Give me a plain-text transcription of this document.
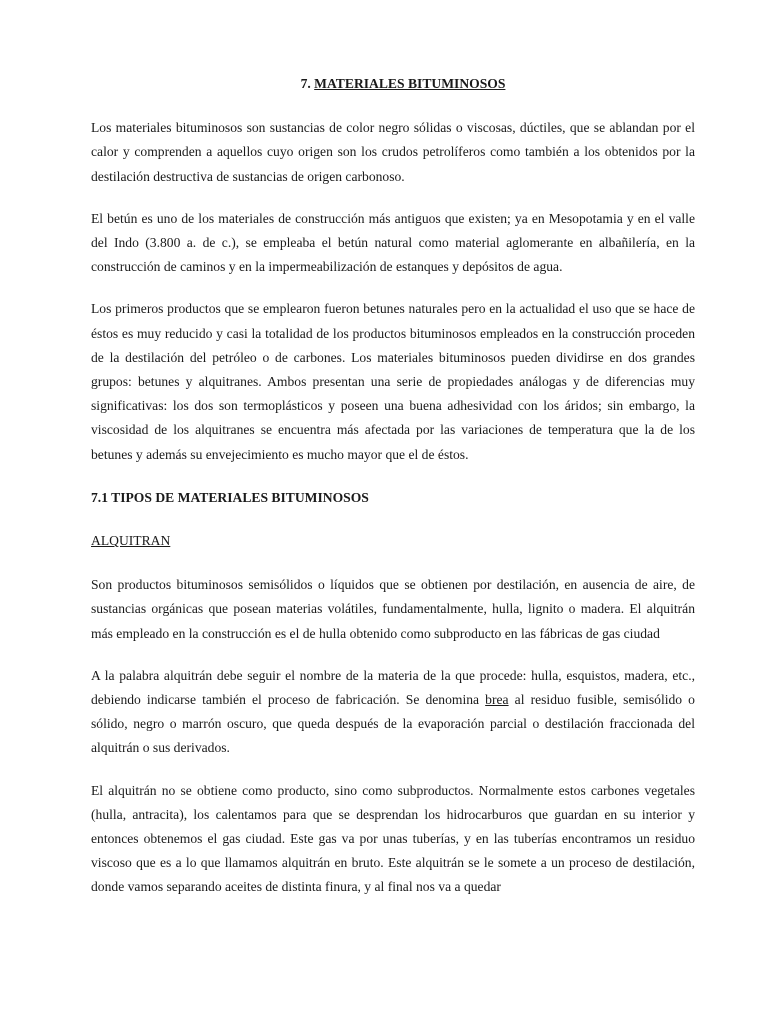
7. MATERIALES BITUMINOSOS

Los materiales bituminosos son sustancias de color negro sólidas o viscosas, dúctiles, que se ablandan por el calor y comprenden a aquellos cuyo origen son los crudos petrolíferos como también a los obtenidos por la destilación destructiva de sustancias de origen carbonoso.

El betún es uno de los materiales de construcción más antiguos que existen; ya en Mesopotamia y en el valle del Indo (3.800 a. de c.), se empleaba el betún natural como material aglomerante en albañilería, en la construcción de caminos y en la impermeabilización de estanques y depósitos de agua.

Los primeros productos que se emplearon fueron betunes naturales pero en la actualidad el uso que se hace de éstos es muy reducido y casi la totalidad de los productos bituminosos empleados en la construcción proceden de la destilación del petróleo o de carbones. Los materiales bituminosos pueden dividirse en dos grandes grupos: betunes y alquitranes. Ambos presentan una serie de propiedades análogas y de diferencias muy significativas: los dos son termoplásticos y poseen una buena adhesividad con los áridos; sin embargo, la viscosidad de los alquitranes se encuentra más afectada por las variaciones de temperatura que la de los betunes y además su envejecimiento es mucho mayor que el de éstos.

7.1 TIPOS DE MATERIALES BITUMINOSOS
ALQUITRAN

Son productos bituminosos semisólidos o líquidos que se obtienen por destilación, en ausencia de aire, de sustancias orgánicas que posean materias volátiles, fundamentalmente, hulla, lignito o madera. El alquitrán más empleado en la construcción es el de hulla obtenido como subproducto en las fábricas de gas ciudad

A la palabra alquitrán debe seguir el nombre de la materia de la que procede: hulla, esquistos, madera, etc., debiendo indicarse también el proceso de fabricación. Se denomina brea al residuo fusible, semisólido o sólido, negro o marrón oscuro, que queda después de la evaporación parcial o destilación fraccionada del alquitrán o sus derivados.

El alquitrán no se obtiene como producto, sino como subproductos. Normalmente estos carbones vegetales (hulla, antracita), los calentamos para que se desprendan los hidrocarburos que guardan en su interior y entonces obtenemos el gas ciudad. Este gas va por unas tuberías, y en las tuberías encontramos un residuo viscoso que es a lo que llamamos alquitrán en bruto. Este alquitrán se le somete a un proceso de destilación, donde vamos separando aceites de distinta finura, y al final nos va a quedar
